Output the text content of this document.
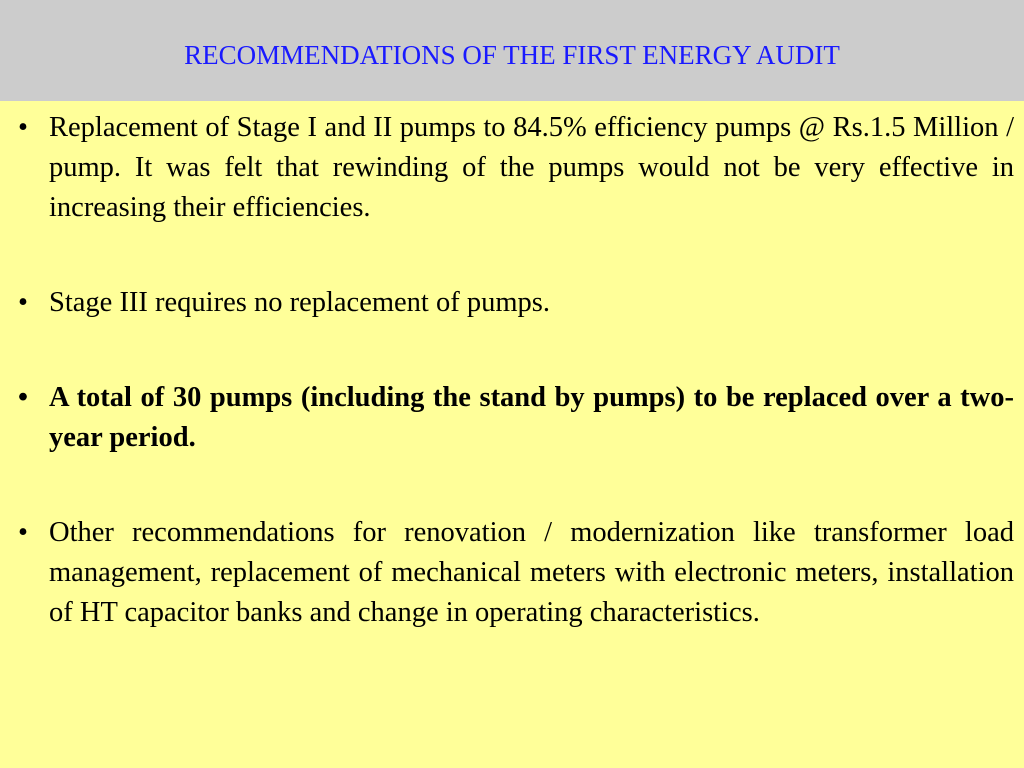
RECOMMENDATIONS OF THE FIRST ENERGY AUDIT
• Replacement of Stage I and II pumps to 84.5% efficiency pumps @ Rs.1.5 Million / pump. It was felt that rewinding of the pumps would not be very effective in increasing their efficiencies.
• Stage III requires no replacement of pumps.
• A total of 30 pumps (including the stand by pumps) to be replaced over a two-year period.
• Other recommendations for renovation / modernization like transformer load management, replacement of mechanical meters with electronic meters, installation of HT capacitor banks and change in operating characteristics.
